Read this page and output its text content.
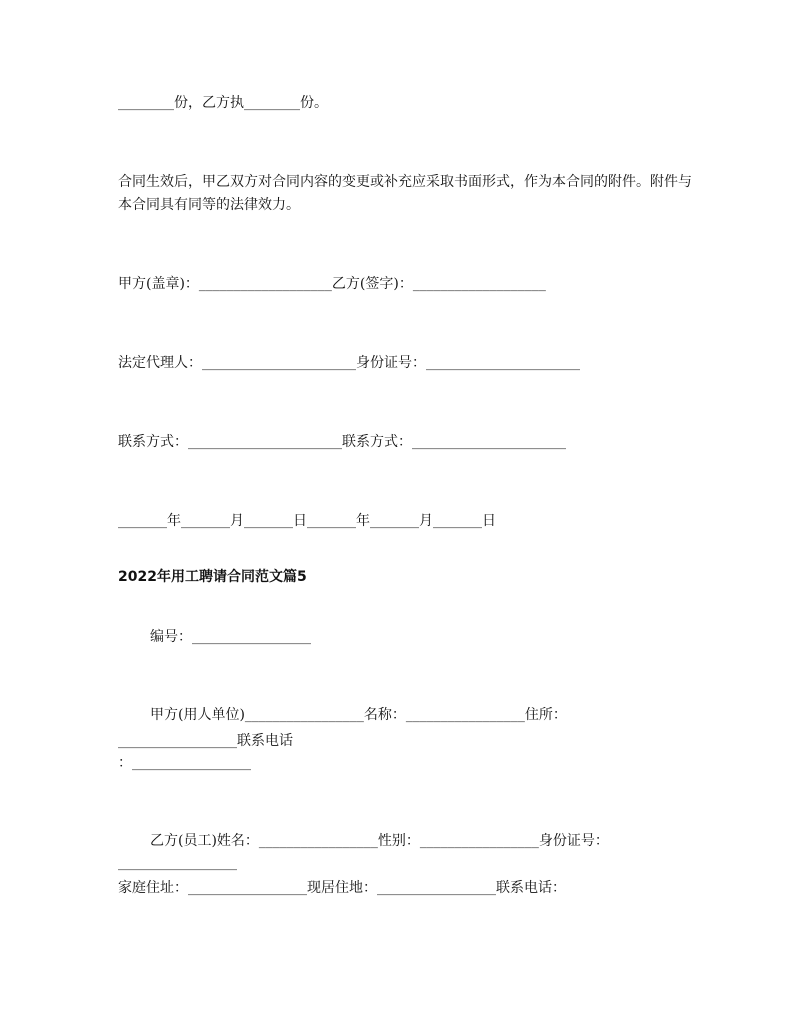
________份，乙方执________份。
合同生效后，甲乙双方对合同内容的变更或补充应采取书面形式，作为本合同的附件。附件与本合同具有同等的法律效力。
甲方(盖章)：___________________乙方(签字)：___________________
法定代理人：______________________身份证号：______________________
联系方式：______________________联系方式：______________________
_______年_______月_______日_______年_______月_______日
2022年用工聘请合同范文篇5
编号：_________________
甲方(用人单位)_________________名称：_________________住所：
_________________联系电话
：_________________
乙方(员工)姓名：_________________性别：_________________身份证号：
_________________
家庭住址：_________________现居住地：_________________联系电话：
